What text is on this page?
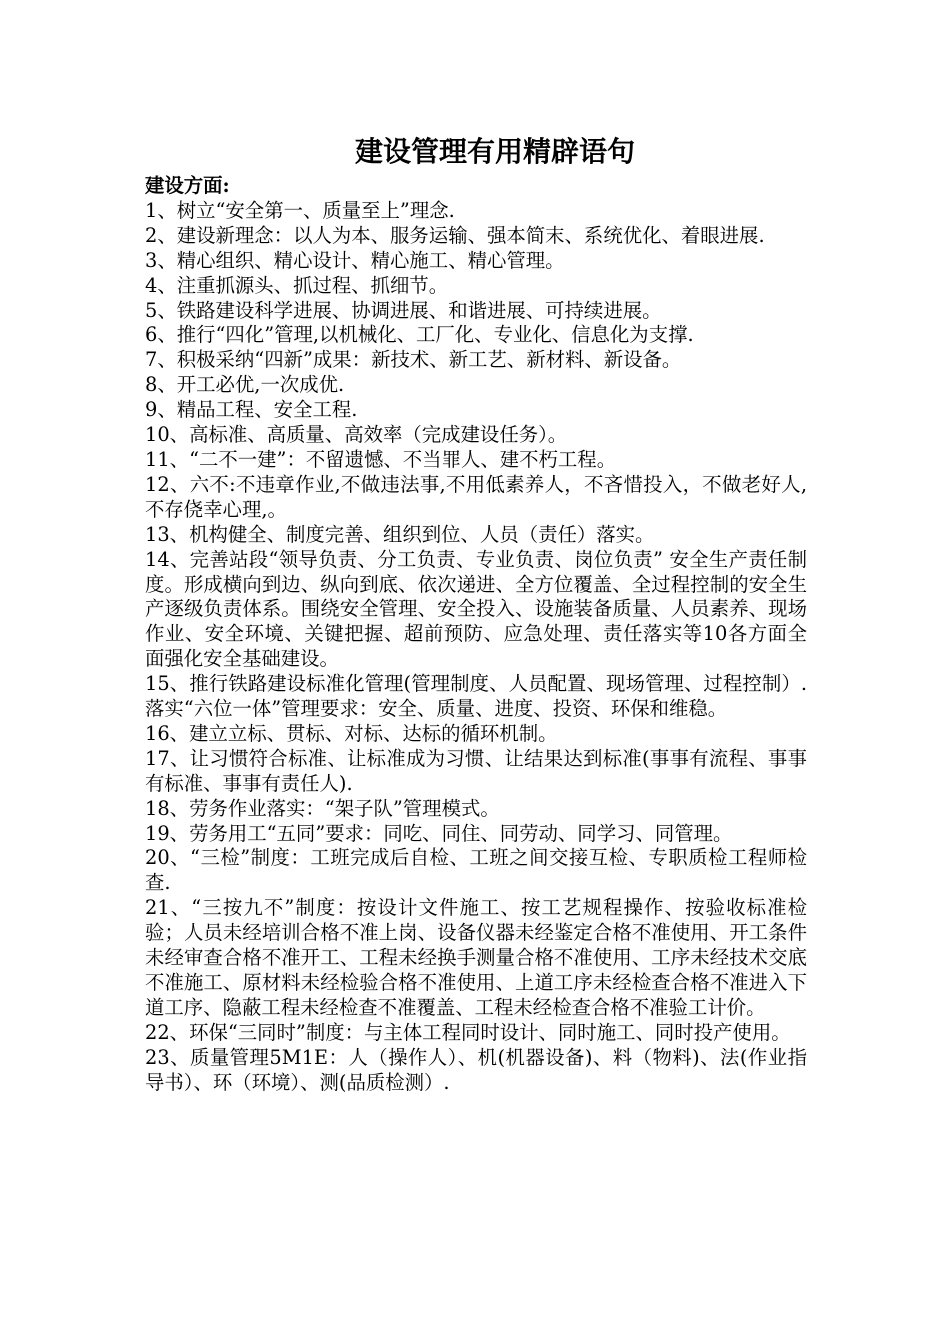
建设管理有用精辟语句
建设方面:
1、树立“安全第一、质量至上”理念.
2、建设新理念：以人为本、服务运输、强本简末、系统优化、着眼进展.
3、精心组织、精心设计、精心施工、精心管理。
4、注重抓源头、抓过程、抓细节。
5、铁路建设科学进展、协调进展、和谐进展、可持续进展。
6、推行“四化”管理,以机械化、工厂化、专业化、信息化为支撑.
7、积极采纳“四新”成果：新技术、新工艺、新材料、新设备。
8、开工必优,一次成优.
9、精品工程、安全工程.
10、高标准、高质量、高效率（完成建设任务）。
11、“二不一建”：不留遗憾、不当罪人、建不朽工程。
12、六不:不违章作业,不做违法事,不用低素养人，不吝惜投入，不做老好人,不存侥幸心理,。
13、机构健全、制度完善、组织到位、人员（责任）落实。
14、完善站段“领导负责、分工负责、专业负责、岗位负责” 安全生产责任制度。形成横向到边、纵向到底、依次递进、全方位覆盖、全过程控制的安全生产逐级负责体系。围绕安全管理、安全投入、设施装备质量、人员素养、现场作业、安全环境、关键把握、超前预防、应急处理、责任落实等10各方面全面强化安全基础建设。
15、推行铁路建设标准化管理(管理制度、人员配置、现场管理、过程控制）.落实“六位一体”管理要求：安全、质量、进度、投资、环保和维稳。
16、建立立标、贯标、对标、达标的循环机制。
17、让习惯符合标准、让标准成为习惯、让结果达到标准(事事有流程、事事有标准、事事有责任人).
18、劳务作业落实：“架子队”管理模式。
19、劳务用工“五同”要求：同吃、同住、同劳动、同学习、同管理。
20、“三检”制度：工班完成后自检、工班之间交接互检、专职质检工程师检查.
21、“三按九不”制度：按设计文件施工、按工艺规程操作、按验收标准检验；人员未经培训合格不准上岗、设备仪器未经鉴定合格不准使用、开工条件未经审查合格不准开工、工程未经换手测量合格不准使用、工序未经技术交底不准施工、原材料未经检验合格不准使用、上道工序未经检查合格不准进入下道工序、隐蔽工程未经检查不准覆盖、工程未经检查合格不准验工计价。
22、环保“三同时”制度：与主体工程同时设计、同时施工、同时投产使用。
23、质量管理5M1E：人（操作人）、机(机器设备)、料（物料)、法(作业指导书）、环（环境）、测(品质检测）.
